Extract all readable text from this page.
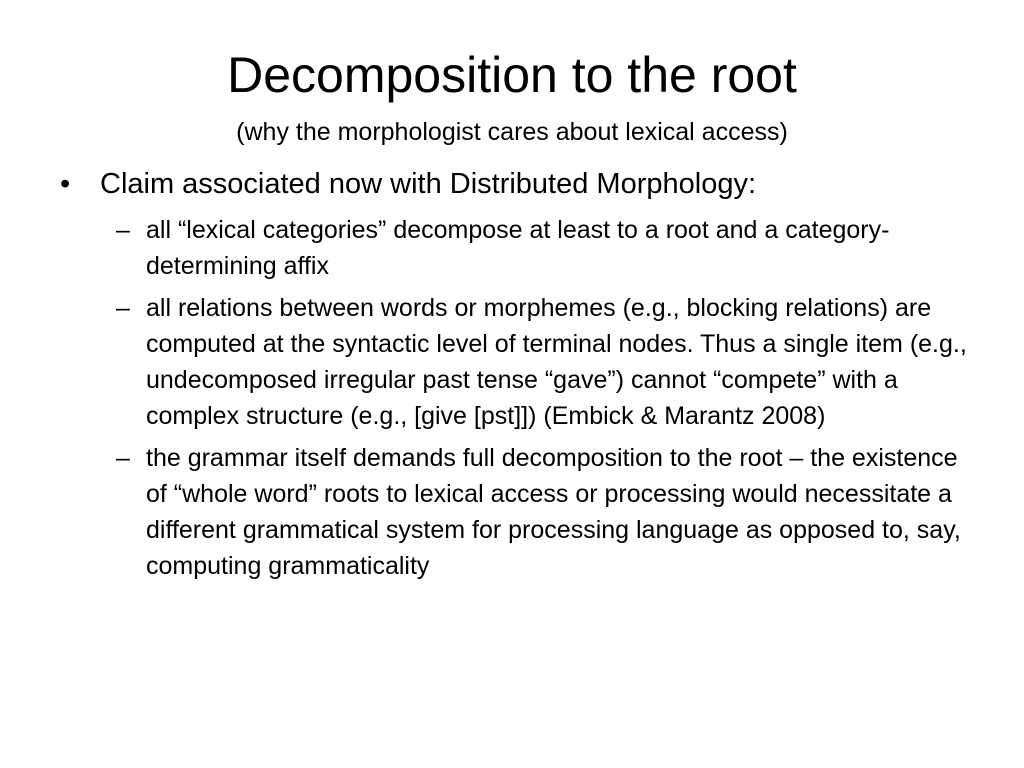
Decomposition to the root
(why the morphologist cares about lexical access)
•	Claim associated now with Distributed Morphology:
– all “lexical categories” decompose at least to a root and a category-determining affix
– all relations between words or morphemes (e.g., blocking relations) are computed at the syntactic level of terminal nodes. Thus a single item (e.g., undecomposed irregular past tense “gave”) cannot “compete” with a complex structure (e.g., [give [pst]]) (Embick & Marantz 2008)
– the grammar itself demands full decomposition to the root – the existence of “whole word” roots to lexical access or processing would necessitate a different grammatical system for processing language as opposed to, say, computing grammaticality
